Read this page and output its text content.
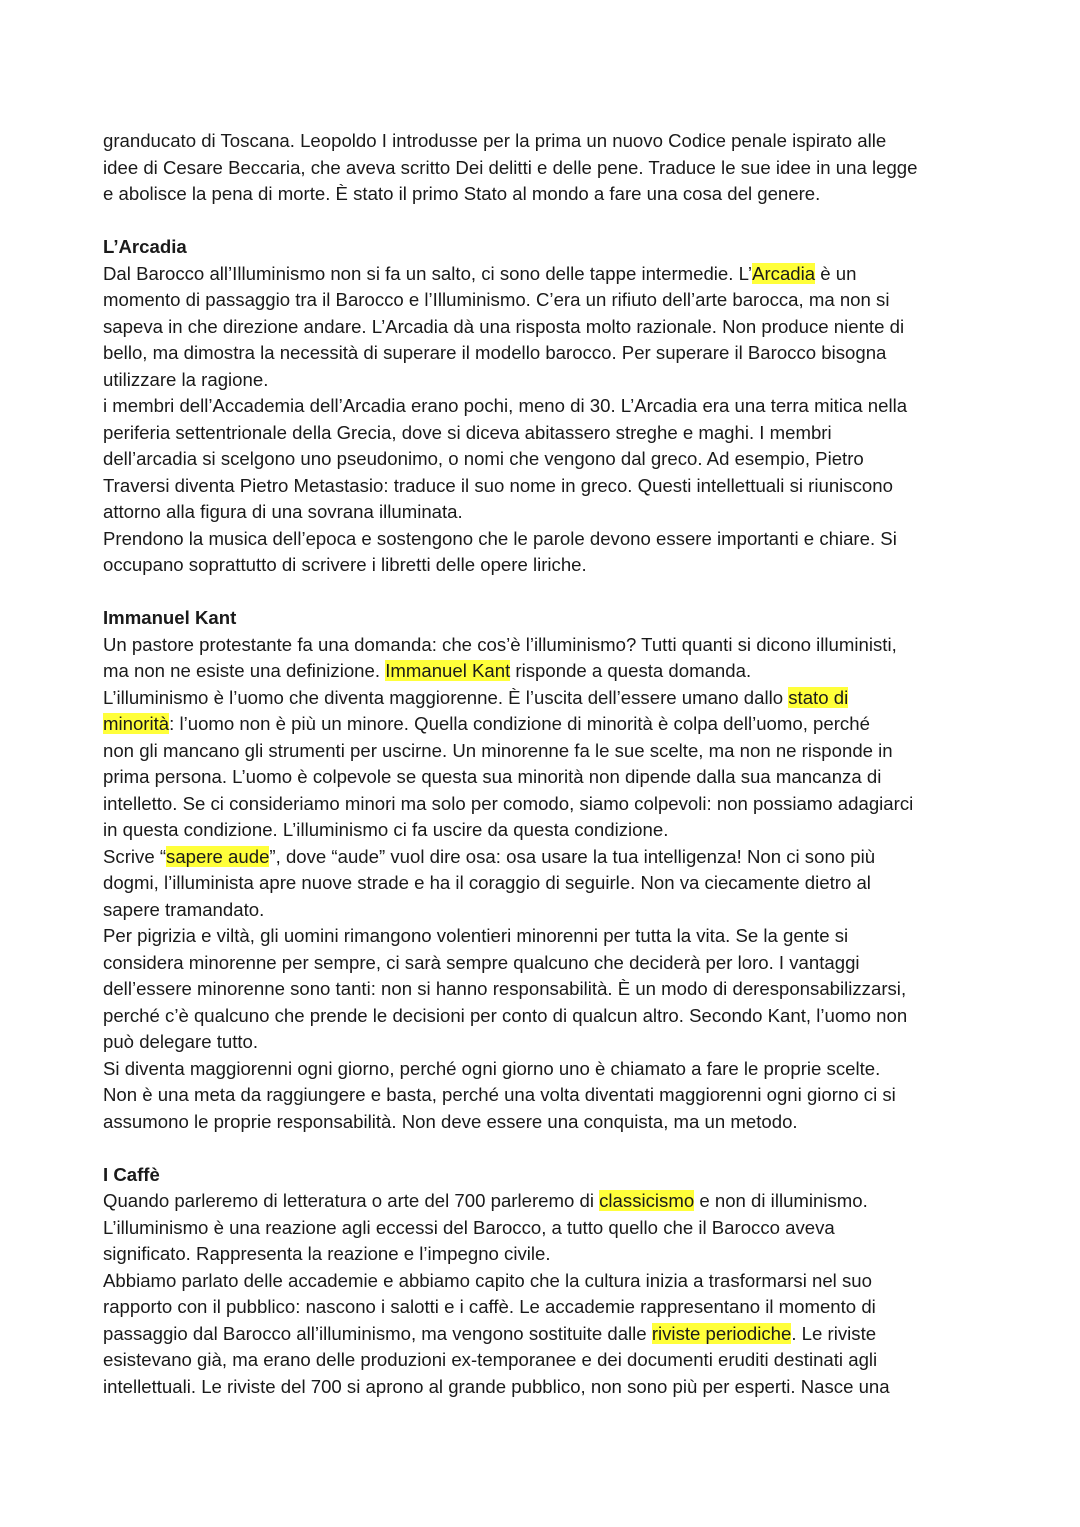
granducato di Toscana. Leopoldo I introdusse per la prima un nuovo Codice penale ispirato alle
idee di Cesare Beccaria, che aveva scritto Dei delitti e delle pene. Traduce le sue idee in una legge
e abolisce la pena di morte. È stato il primo Stato al mondo a fare una cosa del genere.
L’Arcadia
Dal Barocco all’Illuminismo non si fa un salto, ci sono delle tappe intermedie. L’Arcadia è un
momento di passaggio tra il Barocco e l’Illuminismo. C’era un rifiuto dell’arte barocca, ma non si
sapeva in che direzione andare. L’Arcadia dà una risposta molto razionale. Non produce niente di
bello, ma dimostra la necessità di superare il modello barocco. Per superare il Barocco bisogna
utilizzare la ragione.
i membri dell’Accademia dell’Arcadia erano pochi, meno di 30. L’Arcadia era una terra mitica nella
periferia settentrionale della Grecia, dove si diceva abitassero streghe e maghi. I membri
dell’arcadia si scelgono uno pseudonimo, o nomi che vengono dal greco. Ad esempio, Pietro
Traversi diventa Pietro Metastasio: traduce il suo nome in greco. Questi intellettuali si riuniscono
attorno alla figura di una sovrana illuminata.
Prendono la musica dell’epoca e sostengono che le parole devono essere importanti e chiare. Si
occupano soprattutto di scrivere i libretti delle opere liriche.
Immanuel Kant
Un pastore protestante fa una domanda: che cos’è l’illuminismo? Tutti quanti si dicono illuministi,
ma non ne esiste una definizione. Immanuel Kant risponde a questa domanda.
L’illuminismo è l’uomo che diventa maggiorenne. È l’uscita dell’essere umano dallo stato di
minorità: l’uomo non è più un minore. Quella condizione di minorità è colpa dell’uomo, perché
non gli mancano gli strumenti per uscirne. Un minorenne fa le sue scelte, ma non ne risponde in
prima persona. L’uomo è colpevole se questa sua minorità non dipende dalla sua mancanza di
intelletto. Se ci consideriamo minori ma solo per comodo, siamo colpevoli: non possiamo adagiarci
in questa condizione. L’illuminismo ci fa uscire da questa condizione.
Scrive “sapere aude”, dove “aude” vuol dire osa: osa usare la tua intelligenza! Non ci sono più
dogmi, l’illuminista apre nuove strade e ha il coraggio di seguirle. Non va ciecamente dietro al
sapere tramandato.
Per pigrizia e viltà, gli uomini rimangono volentieri minorenni per tutta la vita. Se la gente si
considera minorenne per sempre, ci sarà sempre qualcuno che deciderà per loro. I vantaggi
dell’essere minorenne sono tanti: non si hanno responsabilità. È un modo di deresponsabilizzarsi,
perché c’è qualcuno che prende le decisioni per conto di qualcun altro. Secondo Kant, l’uomo non
può delegare tutto.
Si diventa maggiorenni ogni giorno, perché ogni giorno uno è chiamato a fare le proprie scelte.
Non è una meta da raggiungere e basta, perché una volta diventati maggiorenni ogni giorno ci si
assumono le proprie responsabilità. Non deve essere una conquista, ma un metodo.
I Caffè
Quando parleremo di letteratura o arte del 700 parleremo di classicismo e non di illuminismo.
L’illuminismo è una reazione agli eccessi del Barocco, a tutto quello che il Barocco aveva
significato. Rappresenta la reazione e l’impegno civile.
Abbiamo parlato delle accademie e abbiamo capito che la cultura inizia a trasformarsi nel suo
rapporto con il pubblico: nascono i salotti e i caffè. Le accademie rappresentano il momento di
passaggio dal Barocco all’illuminismo, ma vengono sostituite dalle riviste periodiche. Le riviste
esistevano già, ma erano delle produzioni ex-temporanee e dei documenti eruditi destinati agli
intellettuali. Le riviste del 700 si aprono al grande pubblico, non sono più per esperti. Nasce una
